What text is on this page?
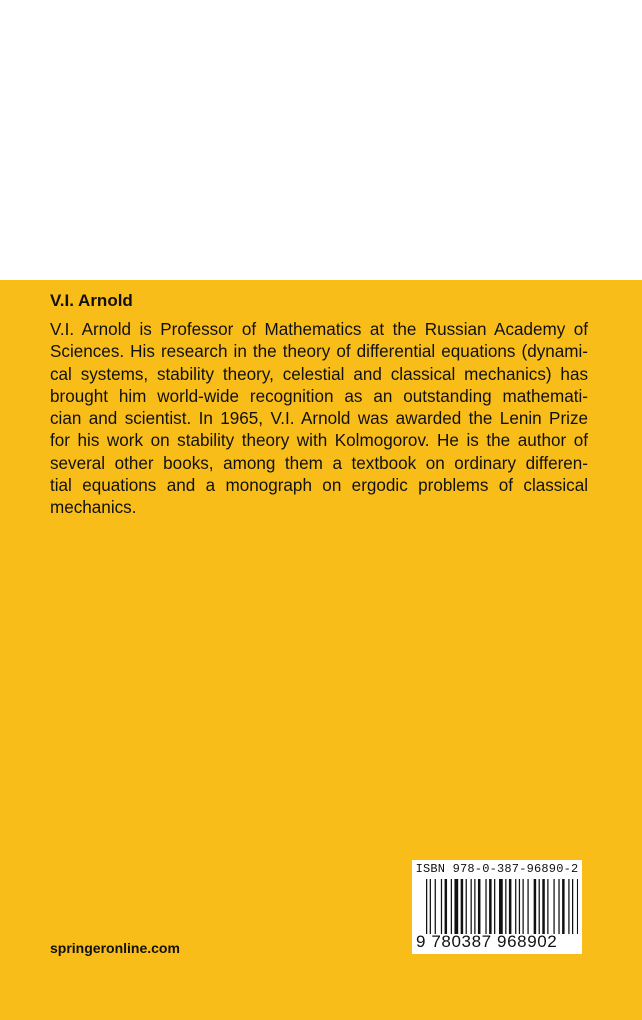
V.I. Arnold
V.I. Arnold is Professor of Mathematics at the Russian Academy of
Sciences. His research in the theory of differential equations (dynami-
cal systems, stability theory, celestial and classical mechanics) has
brought him world-wide recognition as an outstanding mathemati-
cian and scientist. In 1965, V.I. Arnold was awarded the Lenin Prize
for his work on stability theory with Kolmogorov. He is the author of
several other books, among them a textbook on ordinary differen-
tial equations and a monograph on ergodic problems of classical
mechanics.
springeronline.com
ISBN 978-0-387-96890-2
9 780387 968902
